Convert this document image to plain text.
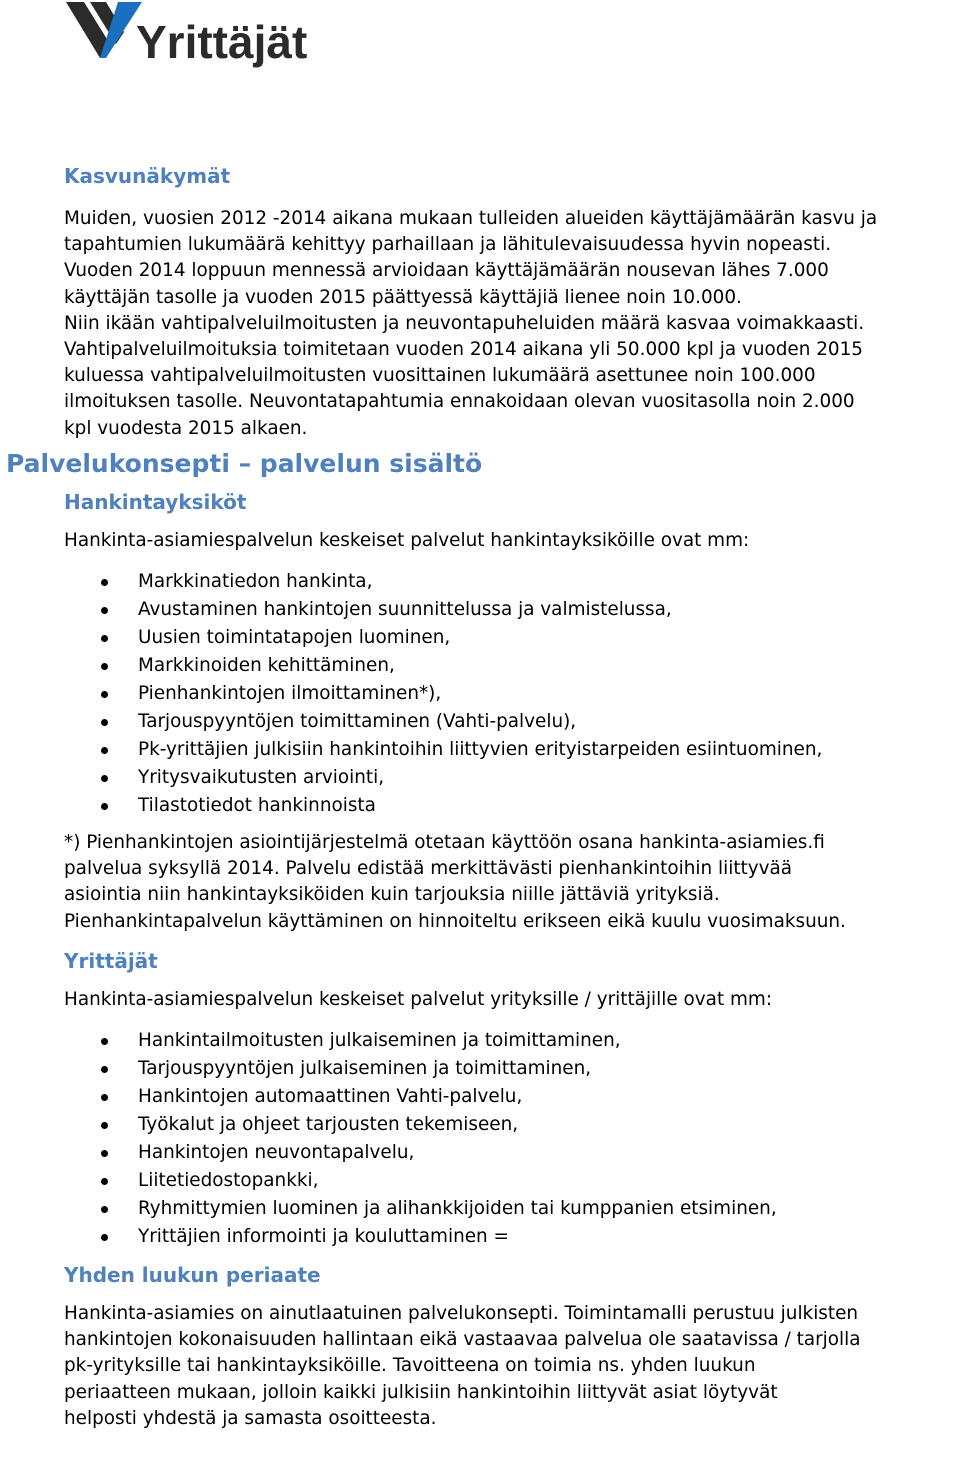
Yrittäjät
Kasvunäkymät

Muiden, vuosien 2012 -2014 aikana mukaan tulleiden alueiden käyttäjämäärän kasvu ja
tapahtumien lukumäärä kehittyy parhaillaan ja lähitulevaisuudessa hyvin nopeasti.
Vuoden 2014 loppuun mennessä arvioidaan käyttäjämäärän nousevan lähes 7.000
käyttäjän tasolle ja vuoden 2015 päättyessä käyttäjiä lienee noin 10.000.

Niin ikään vahtipalveluilmoitusten ja neuvontapuheluiden määrä kasvaa voimakkaasti.
Vahtipalveluilmoituksia toimitetaan vuoden 2014 aikana yli 50.000 kpl ja vuoden 2015
kuluessa vahtipalveluilmoitusten vuosittainen lukumäärä asettunee noin 100.000
ilmoituksen tasolle. Neuvontatapahtumia ennakoidaan olevan vuositasolla noin 2.000
kpl vuodesta 2015 alkaen.

Palvelukonsepti – palvelun sisältö
Hankintayksiköt

Hankinta-asiamiespalvelun keskeiset palvelut hankintayksiköille ovat mm:

Markkinatiedon hankinta,
Avustaminen hankintojen suunnittelussa ja valmistelussa,
Uusien toimintatapojen luominen,
Markkinoiden kehittäminen,
Pienhankintojen ilmoittaminen*),
Tarjouspyyntöjen toimittaminen (Vahti-palvelu),
Pk-yrittäjien julkisiin hankintoihin liittyvien erityistarpeiden esiintuominen,
Yritysvaikutusten arviointi,
Tilastotiedot hankinnoista

*) Pienhankintojen asiointijärjestelmä otetaan käyttöön osana hankinta-asiamies.fi
palvelua syksyllä 2014. Palvelu edistää merkittävästi pienhankintoihin liittyvää
asiointia niin hankintayksiköiden kuin tarjouksia niille jättäviä yrityksiä.
Pienhankintapalvelun käyttäminen on hinnoiteltu erikseen eikä kuulu vuosimaksuun.

Yrittäjät

Hankinta-asiamiespalvelun keskeiset palvelut yrityksille / yrittäjille ovat mm:

Hankintailmoitusten julkaiseminen ja toimittaminen,
Tarjouspyyntöjen julkaiseminen ja toimittaminen,
Hankintojen automaattinen Vahti-palvelu,
Työkalut ja ohjeet tarjousten tekemiseen,
Hankintojen neuvontapalvelu,
Liitetiedostopankki,
Ryhmittymien luominen ja alihankkijoiden tai kumppanien etsiminen,
Yrittäjien informointi ja kouluttaminen =
Yhden luukun periaate

Hankinta-asiamies on ainutlaatuinen palvelukonsepti. Toimintamalli perustuu julkisten
hankintojen kokonaisuuden hallintaan eikä vastaavaa palvelua ole saatavissa / tarjolla
pk-yrityksille tai hankintayksiköille. Tavoitteena on toimia ns. yhden luukun
periaatteen mukaan, jolloin kaikki julkisiin hankintoihin liittyvät asiat löytyvät
helposti yhdestä ja samasta osoitteesta.
